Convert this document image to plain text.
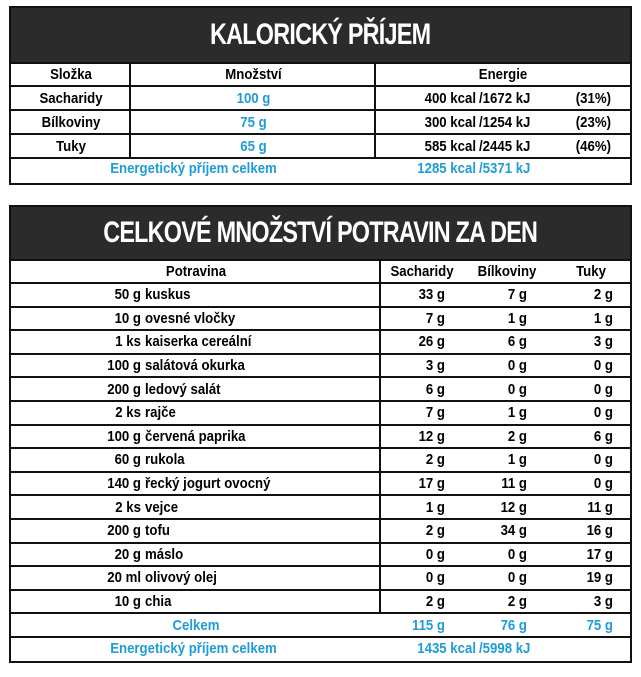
KALORICKÝ PŘÍJEM
Složka	Množství	Energie
Sacharidy	100 g	400 kcal /1672 kJ	(31%)
Bílkoviny	75 g	300 kcal /1254 kJ	(23%)
Tuky	65 g	585 kcal /2445 kJ	(46%)
Energetický příjem celkem	1285 kcal /5371 kJ
CELKOVÉ MNOŽSTVÍ POTRAVIN ZA DEN
Potravina	Sacharidy	Bílkoviny	Tuky
50 g kuskus	33 g	7 g	2 g
10 g ovesné vločky	7 g	1 g	1 g
1 ks kaiserka cereální	26 g	6 g	3 g
100 g salátová okurka	3 g	0 g	0 g
200 g ledový salát	6 g	0 g	0 g
2 ks rajče	7 g	1 g	0 g
100 g červená paprika	12 g	2 g	6 g
60 g rukola	2 g	1 g	0 g
140 g řecký jogurt ovocný	17 g	11 g	0 g
2 ks vejce	1 g	12 g	11 g
200 g tofu	2 g	34 g	16 g
20 g máslo	0 g	0 g	17 g
20 ml olivový olej	0 g	0 g	19 g
10 g chia	2 g	2 g	3 g
Celkem	115 g	76 g	75 g
Energetický příjem celkem	1435 kcal /5998 kJ
